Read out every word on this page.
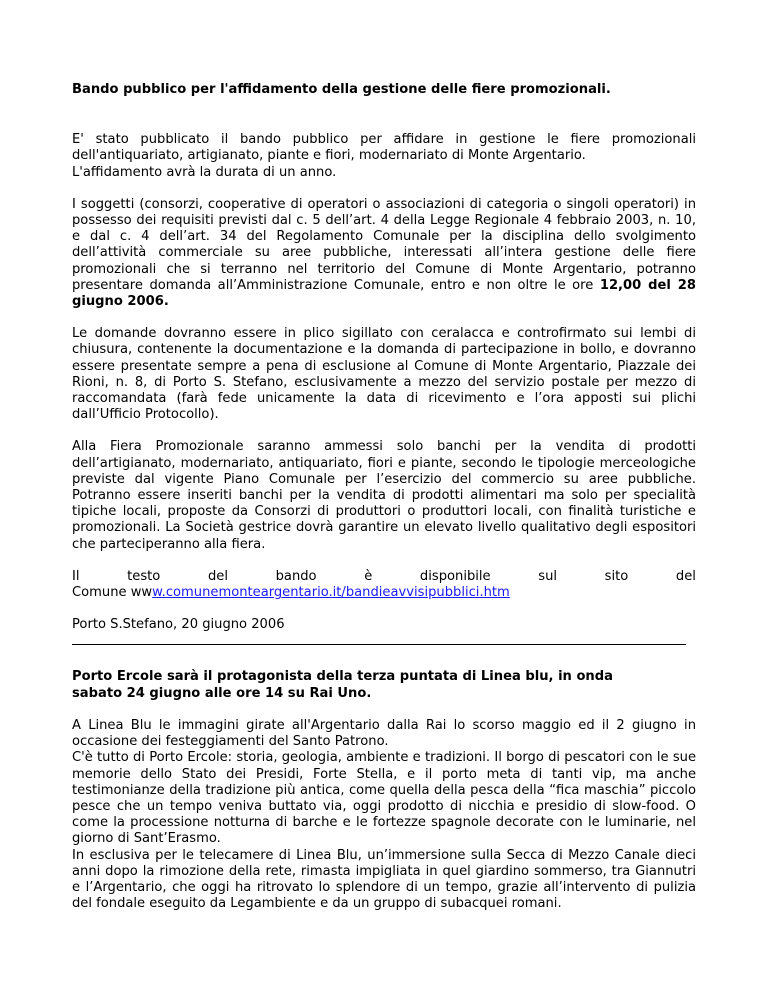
Bando pubblico per l'affidamento della gestione delle fiere promozionali.

E' stato pubblicato il bando pubblico per affidare in gestione le fiere promozionali dell'antiquariato, artigianato, piante e fiori, modernariato di Monte Argentario.

L'affidamento avrà la durata di un anno.

I soggetti (consorzi, cooperative di operatori o associazioni di categoria o singoli operatori) in possesso dei requisiti previsti dal c. 5 dell’art. 4 della Legge Regionale 4 febbraio 2003, n. 10, e dal c. 4 dell’art. 34 del Regolamento Comunale per la disciplina dello svolgimento dell’attività commerciale su aree pubbliche, interessati all’intera gestione delle fiere promozionali che si terranno nel territorio del Comune di Monte Argentario, potranno presentare domanda all’Amministrazione Comunale, entro e non oltre le ore 12,00 del 28 giugno 2006.

Le domande dovranno essere in plico sigillato con ceralacca e controfirmato sui lembi di chiusura, contenente la documentazione e la domanda di partecipazione in bollo, e dovranno essere presentate sempre a pena di esclusione al Comune di Monte Argentario, Piazzale dei Rioni, n. 8, di Porto S. Stefano, esclusivamente a mezzo del servizio postale per mezzo di raccomandata (farà fede unicamente la data di ricevimento e l’ora apposti sui plichi dall’Ufficio Protocollo).

Alla Fiera Promozionale saranno ammessi solo banchi per la vendita di prodotti dell’artigianato, modernariato, antiquariato, fiori e piante, secondo le tipologie merceologiche previste dal vigente Piano Comunale per l’esercizio del commercio su aree pubbliche. Potranno essere inseriti banchi per la vendita di prodotti alimentari ma solo per specialità tipiche locali, proposte da Consorzi di produttori o produttori locali, con finalità turistiche e promozionali. La Società gestrice dovrà garantire un elevato livello qualitativo degli espositori che parteciperanno alla fiera.

Il	testo	del	bando	è	disponibile	sul	sito	del

Comune www.comunemonteargentario.it/bandieavvisipubblici.htm

Porto S.Stefano, 20 giugno 2006

Porto Ercole sarà il protagonista della terza puntata di Linea blu, in onda

sabato 24 giugno alle ore 14 su Rai Uno.

A Linea Blu le immagini girate all'Argentario dalla Rai lo scorso maggio ed il 2 giugno in occasione dei festeggiamenti del Santo Patrono.

C'è tutto di Porto Ercole: storia, geologia, ambiente e tradizioni. Il borgo di pescatori con le sue memorie dello Stato dei Presidi, Forte Stella, e il porto meta di tanti vip, ma anche testimonianze della tradizione più antica, come quella della pesca della “fica maschia” piccolo pesce che un tempo veniva buttato via, oggi prodotto di nicchia e presidio di slow-food. O come la processione notturna di barche e le fortezze spagnole decorate con le luminarie, nel giorno di Sant’Erasmo.

In esclusiva per le telecamere di Linea Blu, un’immersione sulla Secca di Mezzo Canale dieci anni dopo la rimozione della rete, rimasta impigliata in quel giardino sommerso, tra Giannutri e l’Argentario, che oggi ha ritrovato lo splendore di un tempo, grazie all’intervento di pulizia del fondale eseguito da Legambiente e da un gruppo di subacquei romani.
